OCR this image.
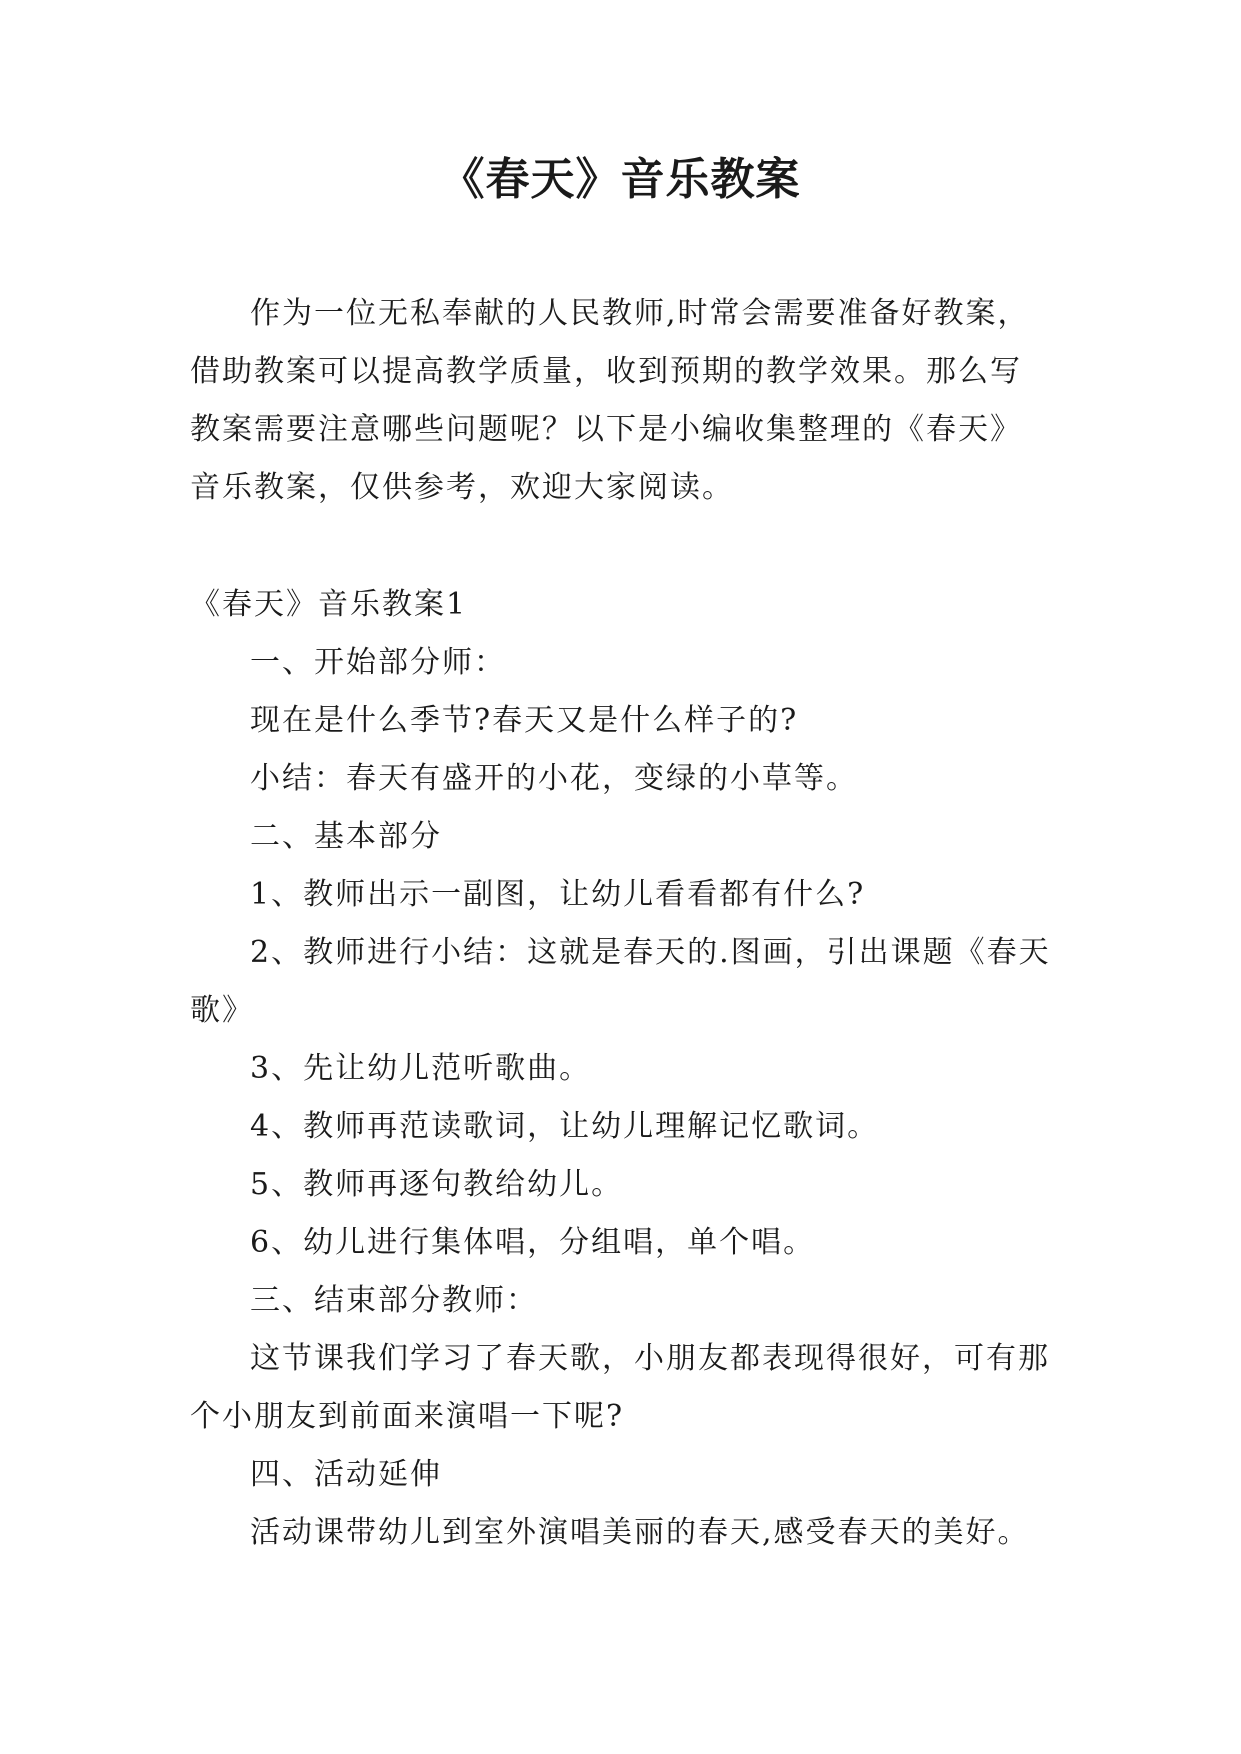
《春天》音乐教案

作为一位无私奉献的人民教师,时常会需要准备好教案，借助教案可以提高教学质量，收到预期的教学效果。那么写教案需要注意哪些问题呢？以下是小编收集整理的《春天》音乐教案，仅供参考，欢迎大家阅读。

《春天》音乐教案1

一、开始部分师：

现在是什么季节?春天又是什么样子的?

小结：春天有盛开的小花，变绿的小草等。

二、基本部分

1、教师出示一副图，让幼儿看看都有什么?

2、教师进行小结：这就是春天的.图画，引出课题《春天歌》

3、先让幼儿范听歌曲。

4、教师再范读歌词，让幼儿理解记忆歌词。

5、教师再逐句教给幼儿。

6、幼儿进行集体唱，分组唱，单个唱。

三、结束部分教师：

这节课我们学习了春天歌，小朋友都表现得很好，可有那个小朋友到前面来演唱一下呢?

四、活动延伸

活动课带幼儿到室外演唱美丽的春天,感受春天的美好。
